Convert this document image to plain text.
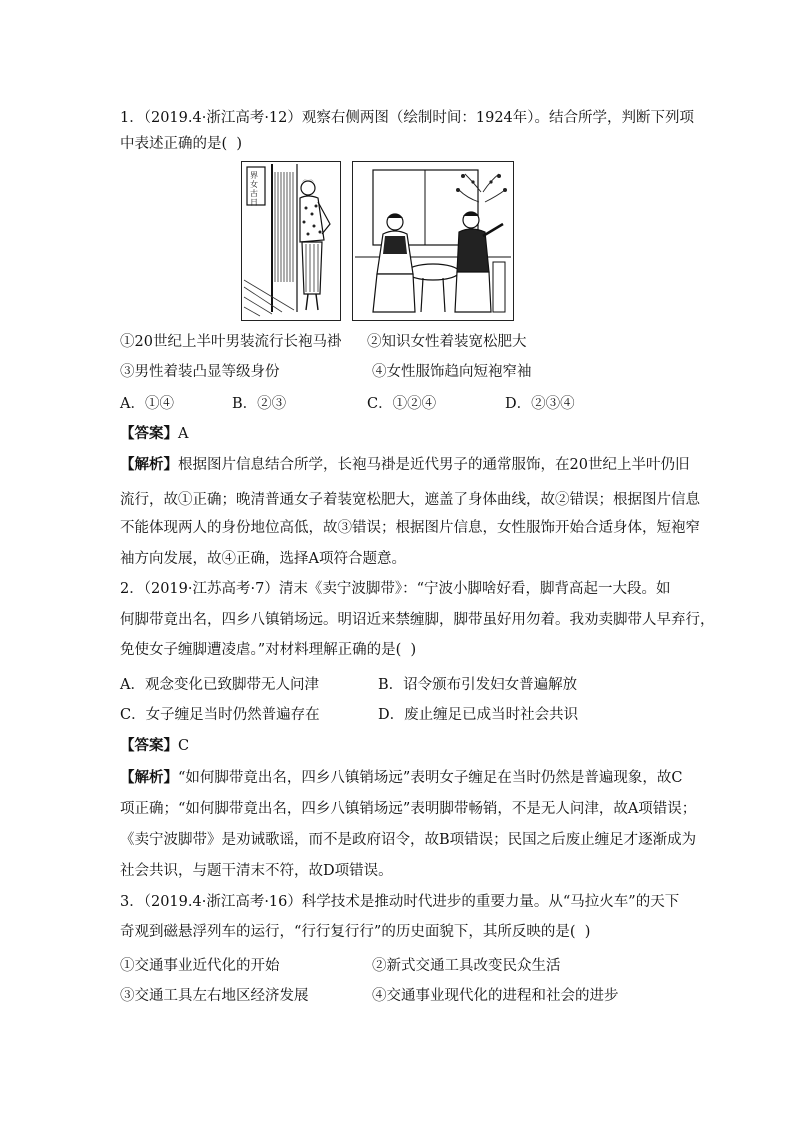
1．（2019.4·浙江高考·12）观察右侧两图（绘制时间：1924年）。结合所学，判断下列项
中表述正确的是(  )
界女古日
①20世纪上半叶男装流行长袍马褂 ②知识女性着装宽松肥大
③男性着装凸显等级身份	④女性服饰趋向短袍窄袖
A．①④	B．②③	C．①②④	D．②③④
【答案】A
【解析】根据图片信息结合所学，长袍马褂是近代男子的通常服饰，在20世纪上半叶仍旧
流行，故①正确；晚清普通女子着装宽松肥大，遮盖了身体曲线，故②错误；根据图片信息
不能体现两人的身份地位高低，故③错误；根据图片信息，女性服饰开始合适身体，短袍窄
袖方向发展，故④正确，选择A项符合题意。
2．（2019·江苏高考·7）清末《卖宁波脚带》：“宁波小脚啥好看，脚背高起一大段。如
何脚带竟出名，四乡八镇销场远。明诏近来禁缠脚，脚带虽好用勿着。我劝卖脚带人早弃行，
免使女子缠脚遭凌虐。”对材料理解正确的是(  )
A．观念变化已致脚带无人问津	B．诏令颁布引发妇女普遍解放
C．女子缠足当时仍然普遍存在	D．废止缠足已成当时社会共识
【答案】C
【解析】“如何脚带竟出名，四乡八镇销场远”表明女子缠足在当时仍然是普遍现象，故C
项正确；“如何脚带竟出名，四乡八镇销场远”表明脚带畅销，不是无人问津，故A项错误；
《卖宁波脚带》是劝诫歌谣，而不是政府诏令，故B项错误；民国之后废止缠足才逐渐成为
社会共识，与题干清末不符，故D项错误。
3．（2019.4·浙江高考·16）科学技术是推动时代进步的重要力量。从“马拉火车”的天下
奇观到磁悬浮列车的运行，“行行复行行”的历史面貌下，其所反映的是(  )
①交通事业近代化的开始	②新式交通工具改变民众生活
③交通工具左右地区经济发展	④交通事业现代化的进程和社会的进步
